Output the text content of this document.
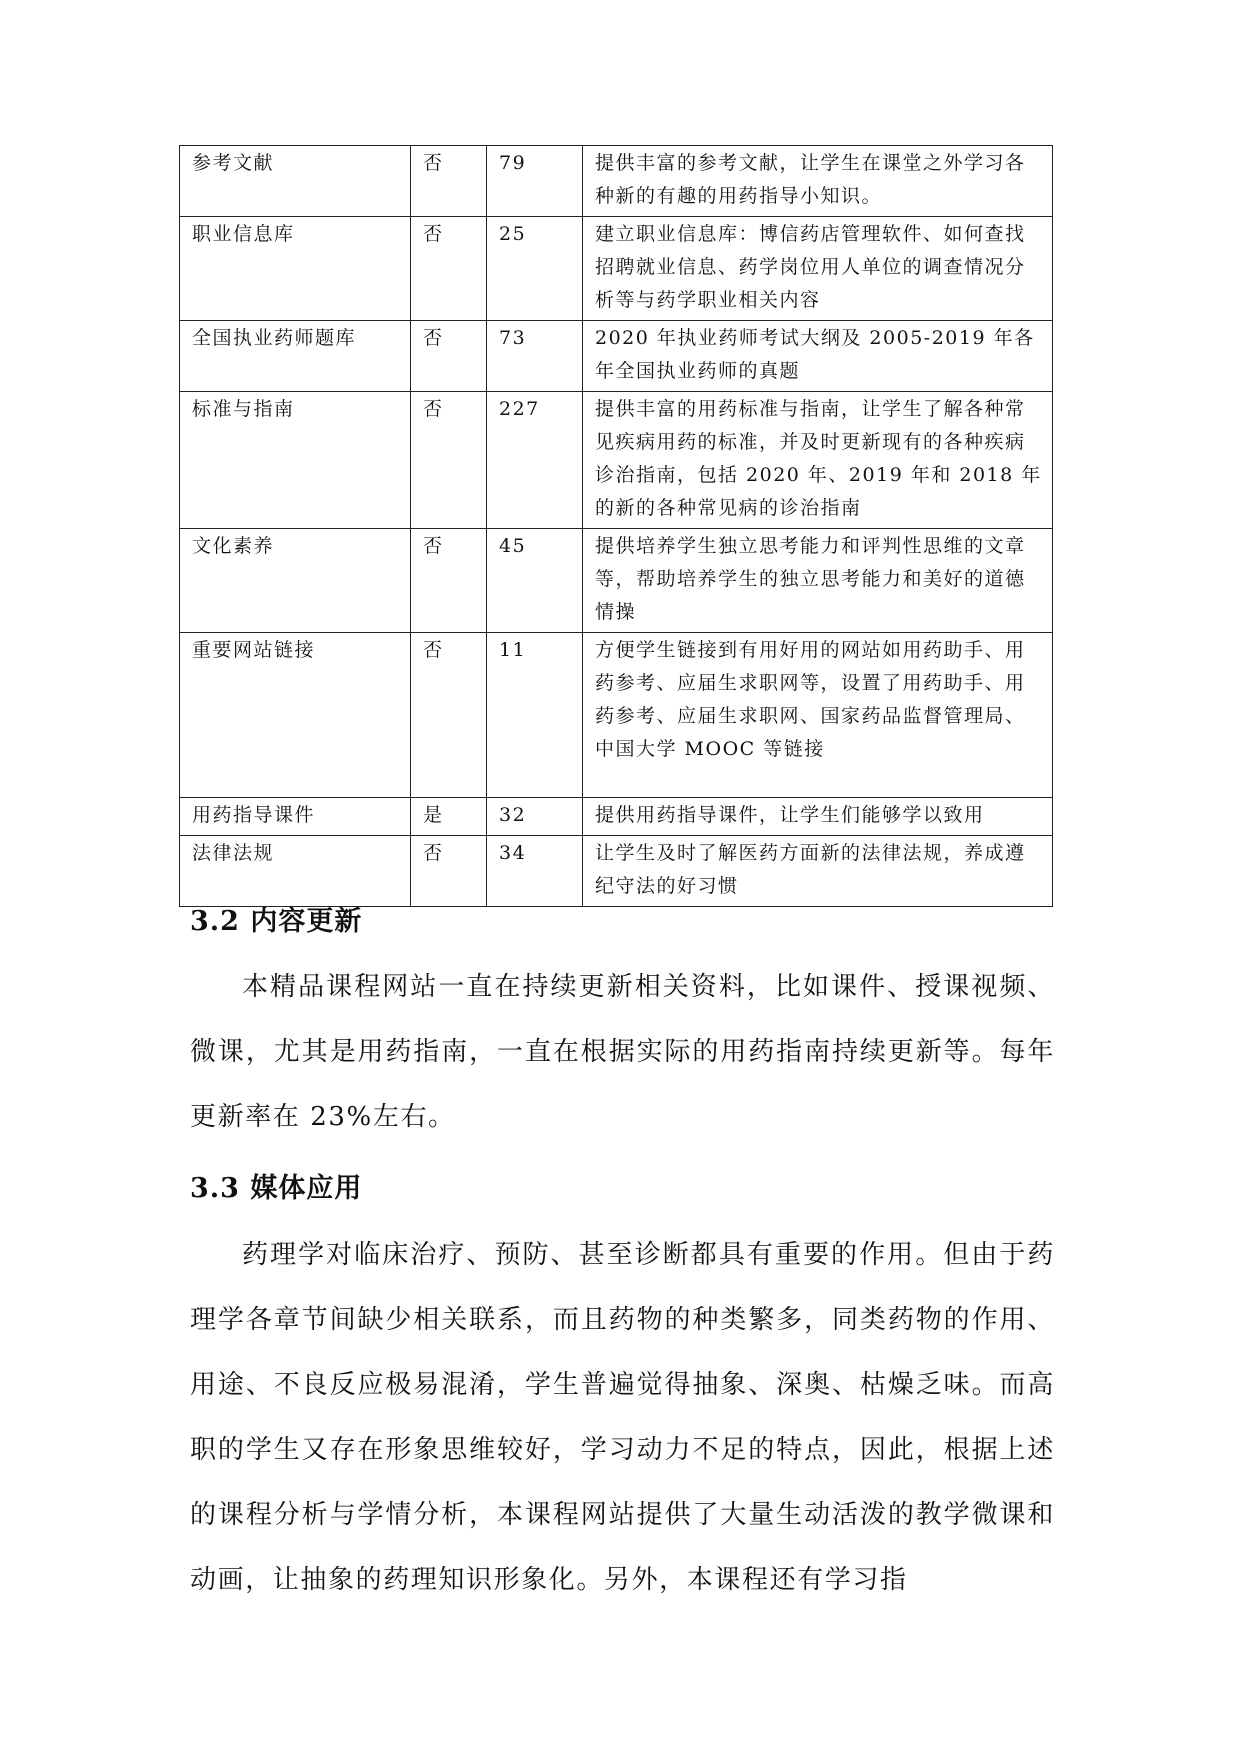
参考文献	否	79	提供丰富的参考文献，让学生在课堂之外学习各种新的有趣的用药指导小知识。
职业信息库	否	25	建立职业信息库：博信药店管理软件、如何查找招聘就业信息、药学岗位用人单位的调查情况分析等与药学职业相关内容
全国执业药师题库	否	73	2020 年执业药师考试大纲及 2005-2019 年各年全国执业药师的真题
标准与指南	否	227	提供丰富的用药标准与指南，让学生了解各种常见疾病用药的标准，并及时更新现有的各种疾病诊治指南，包括 2020 年、2019 年和 2018 年的新的各种常见病的诊治指南
文化素养	否	45	提供培养学生独立思考能力和评判性思维的文章等，帮助培养学生的独立思考能力和美好的道德情操
重要网站链接	否	11	方便学生链接到有用好用的网站如用药助手、用药参考、应届生求职网等，设置了用药助手、用药参考、应届生求职网、国家药品监督管理局、中国大学 MOOC 等链接
用药指导课件	是	32	提供用药指导课件，让学生们能够学以致用
法律法规	否	34	让学生及时了解医药方面新的法律法规，养成遵纪守法的好习惯
3.2 内容更新

本精品课程网站一直在持续更新相关资料，比如课件、授课视频、微课，尤其是用药指南，一直在根据实际的用药指南持续更新等。每年更新率在 23%左右。

3.3 媒体应用

药理学对临床治疗、预防、甚至诊断都具有重要的作用。但由于药理学各章节间缺少相关联系，而且药物的种类繁多，同类药物的作用、用途、不良反应极易混淆，学生普遍觉得抽象、深奥、枯燥乏味。而高职的学生又存在形象思维较好，学习动力不足的特点，因此，根据上述的课程分析与学情分析，本课程网站提供了大量生动活泼的教学微课和动画，让抽象的药理知识形象化。另外，本课程还有学习指
